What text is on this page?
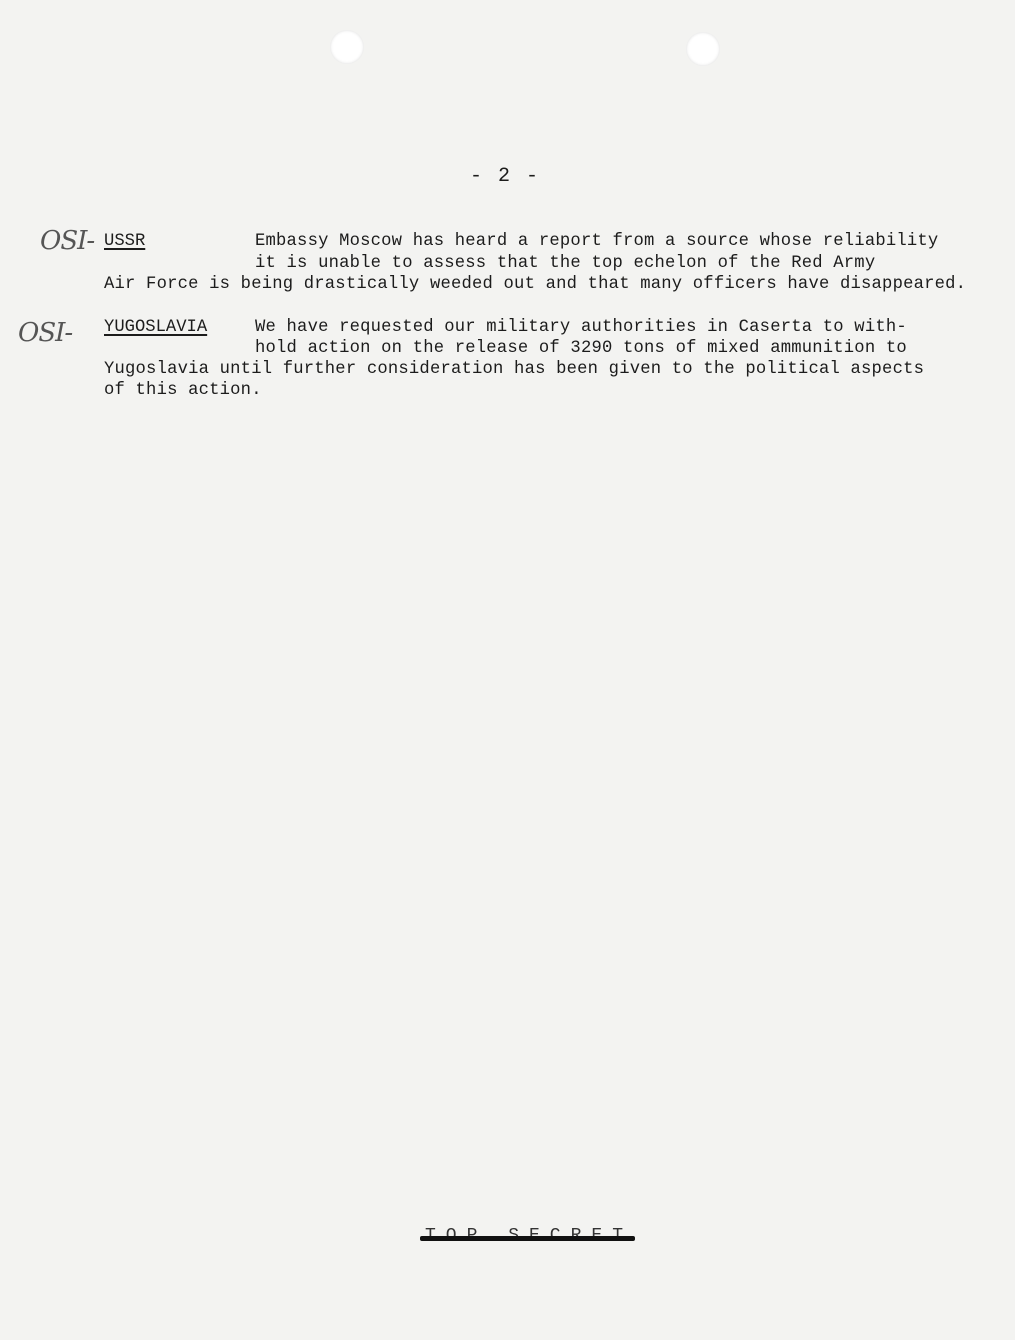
- 2 -
OSI- USSR	Embassy Moscow has heard a report from a source whose reliability
it is unable to assess that the top echelon of the Red Army
Air Force is being drastically weeded out and that many officers have disappeared.
OSI- YUGOSLAVIA	We have requested our military authorities in Caserta to with-
hold action on the release of 3290 tons of mixed ammunition to
Yugoslavia until further consideration has been given to the political aspects
of this action.
